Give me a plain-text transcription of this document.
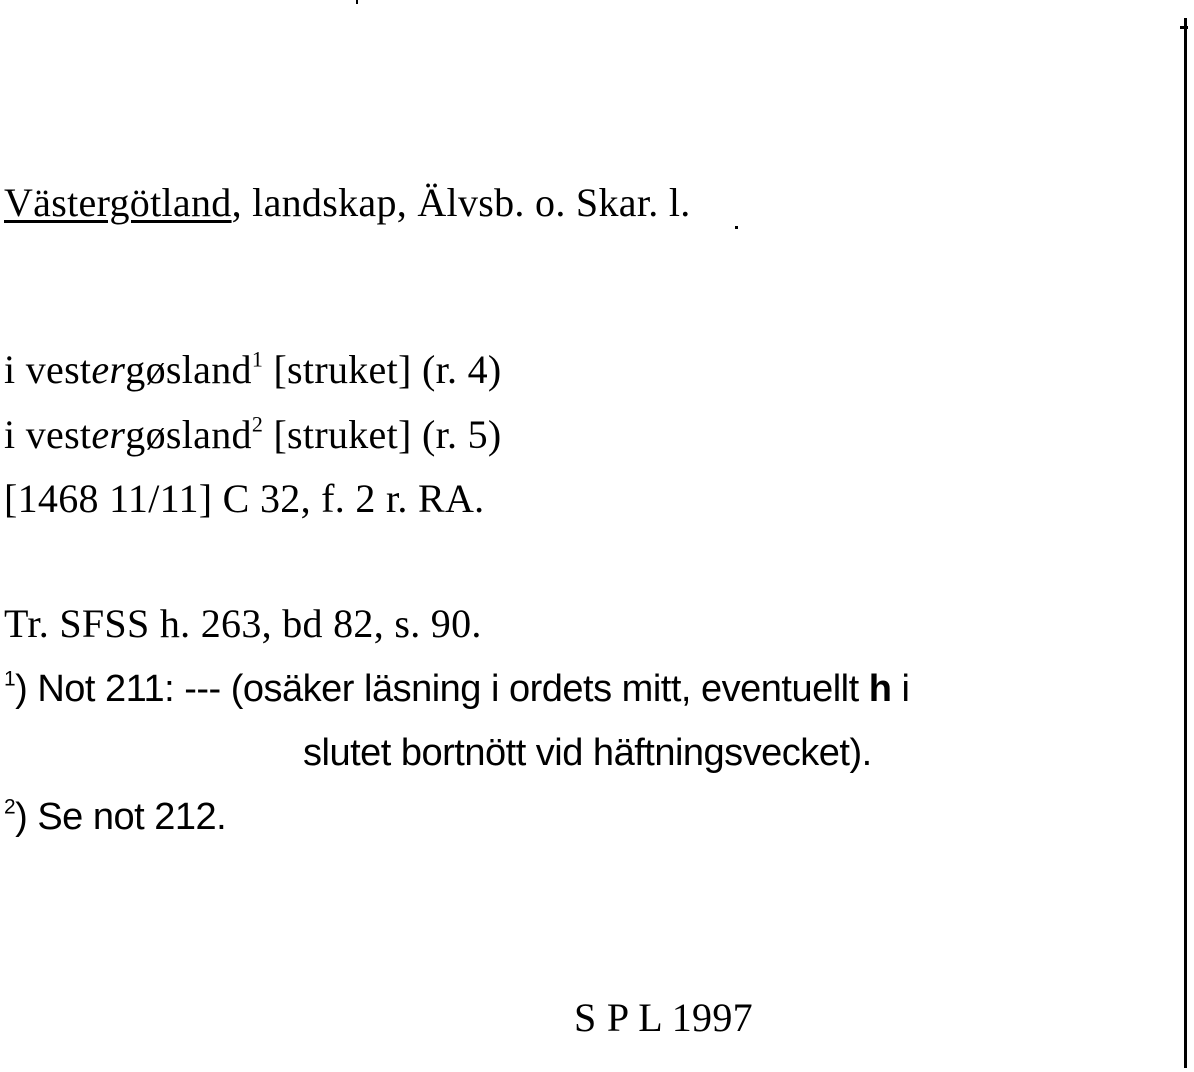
Västergötland, landskap, Älvsb. o. Skar. l.
i vestergøsland$^1$ [struket] (r. 4)
i vestergøsland$^2$ [struket] (r. 5)
[1468 11/11] C 32, f. 2 r. RA.
Tr. SFSS h. 263, bd 82, s. 90.
$^1$) Not 211: --- (osäker läsning i ordets mitt, eventuellt h i
slutet bortnött vid häftningsvecket).
$^2$) Se not 212.
S P L 1997
